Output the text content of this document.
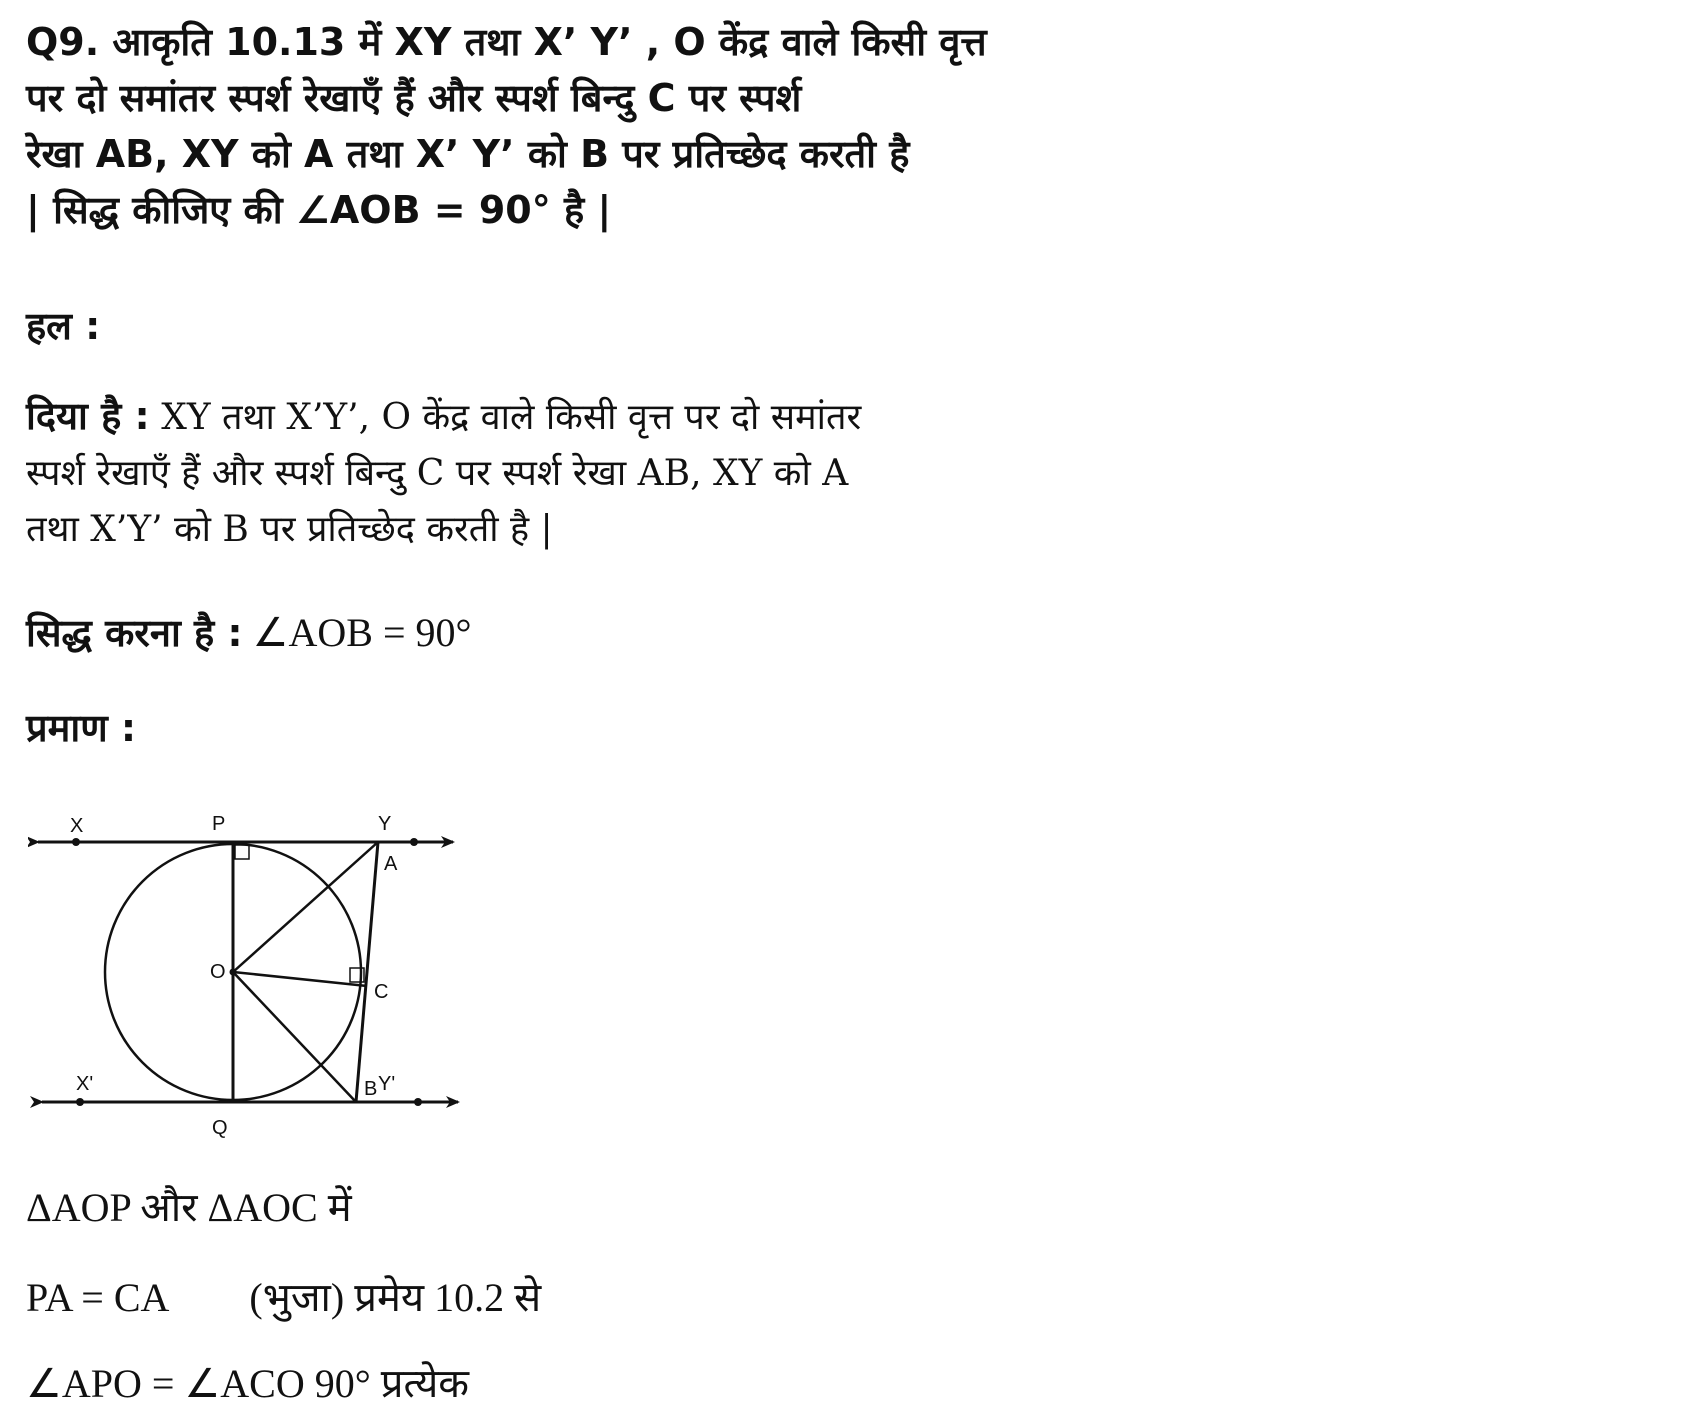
Q9. आकृति 10.13 में XY तथा X’ Y’ , O केंद्र वाले किसी वृत्त

पर दो समांतर स्पर्श रेखाएँ हैं और स्पर्श बिन्दु C पर स्पर्श

रेखा AB, XY को A तथा X’ Y’ को B पर प्रतिच्छेद करती है

| सिद्ध कीजिए की ∠AOB = 90° है |

हल :

दिया है : XY तथा X’Y’, O केंद्र वाले किसी वृत्त पर दो समांतर

स्पर्श रेखाएँ हैं और स्पर्श बिन्दु C पर स्पर्श रेखा AB, XY को A

तथा X’Y’ को B पर प्रतिच्छेद करती है |

सिद्ध करना है : ∠AOB = 90°
प्रमाण :
X	P	Y
A
O
C
X'	B Y'
Q
ΔAOP और ΔAOC में
PA = CA (भुजा) प्रमेय 10.2 से
∠APO = ∠ACO 90° प्रत्येक
